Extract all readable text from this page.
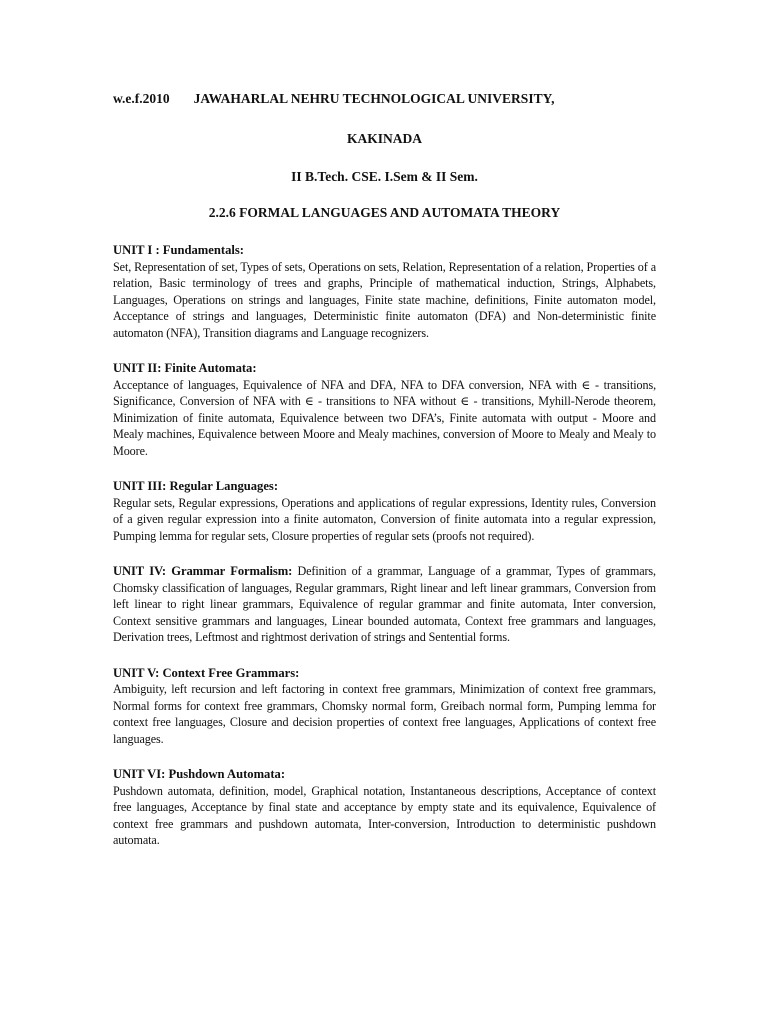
w.e.f.2010 JAWAHARLAL NEHRU TECHNOLOGICAL UNIVERSITY,
KAKINADA
II B.Tech. CSE. I.Sem & II Sem.
2.2.6 FORMAL LANGUAGES AND AUTOMATA THEORY
UNIT I : Fundamentals:
Set, Representation of set, Types of sets, Operations on sets, Relation, Representation of a relation, Properties of a relation, Basic terminology of trees and graphs, Principle of mathematical induction, Strings, Alphabets, Languages, Operations on strings and languages, Finite state machine, definitions, Finite automaton model, Acceptance of strings and languages, Deterministic finite automaton (DFA) and Non-deterministic finite automaton (NFA), Transition diagrams and Language recognizers.
UNIT II: Finite Automata:
Acceptance of languages, Equivalence of NFA and DFA, NFA to DFA conversion, NFA with ∈ - transitions, Significance, Conversion of NFA with ∈ - transitions to NFA without ∈ - transitions, Myhill-Nerode theorem, Minimization of finite automata, Equivalence between two DFA’s, Finite automata with output - Moore and Mealy machines, Equivalence between Moore and Mealy machines, conversion of Moore to Mealy and Mealy to Moore.
UNIT III: Regular Languages:
Regular sets, Regular expressions, Operations and applications of regular expressions, Identity rules, Conversion of a given regular expression into a finite automaton, Conversion of finite automata into a regular expression, Pumping lemma for regular sets, Closure properties of regular sets (proofs not required).
UNIT IV: Grammar Formalism: Definition of a grammar, Language of a grammar, Types of grammars, Chomsky classification of languages, Regular grammars, Right linear and left linear grammars, Conversion from left linear to right linear grammars, Equivalence of regular grammar and finite automata, Inter conversion, Context sensitive grammars and languages, Linear bounded automata, Context free grammars and languages, Derivation trees, Leftmost and rightmost derivation of strings and Sentential forms.
UNIT V: Context Free Grammars:
Ambiguity, left recursion and left factoring in context free grammars, Minimization of context free grammars, Normal forms for context free grammars, Chomsky normal form, Greibach normal form, Pumping lemma for context free languages, Closure and decision properties of context free languages, Applications of context free languages.
UNIT VI: Pushdown Automata:
Pushdown automata, definition, model, Graphical notation, Instantaneous descriptions, Acceptance of context free languages, Acceptance by final state and acceptance by empty state and its equivalence, Equivalence of context free grammars and pushdown automata, Inter-conversion, Introduction to deterministic pushdown automata.
